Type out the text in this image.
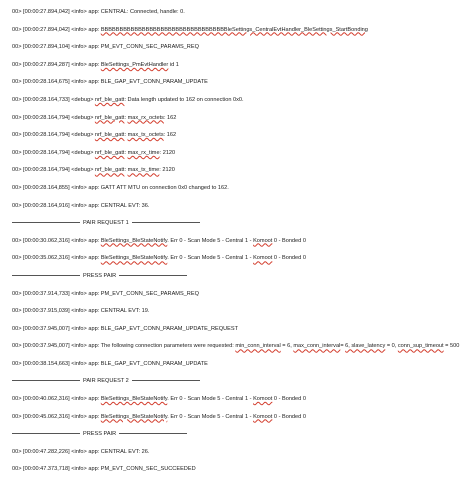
00> [00:00:27.894,042] <info> app: CENTRAL: Connected, handle: 0.
00> [00:00:27.894,042] <info> app: BBBBBBBBBBBBBBBBBBBBBBBBBBBBBBBBBBleSettings_CentralEvtHandler_BleSettings_StartBonding
00> [00:00:27.894,104] <info> app: PM_EVT_CONN_SEC_PARAMS_REQ
00> [00:00:27.894,287] <info> app: BleSettings_PmEvtHandler id 1
00> [00:00:28.164,675] <info> app: BLE_GAP_EVT_CONN_PARAM_UPDATE
00> [00:00:28.164,733] <debug> nrf_ble_gatt: Data length updated to 162 on connection 0x0.
00> [00:00:28.164,794] <debug> nrf_ble_gatt: max_rx_octets: 162
00> [00:00:28.164,794] <debug> nrf_ble_gatt: max_tx_octets: 162
00> [00:00:28.164,794] <debug> nrf_ble_gatt: max_rx_time: 2120
00> [00:00:28.164,794] <debug> nrf_ble_gatt: max_tx_time: 2120
00> [00:00:28.164,855] <info> app: GATT ATT MTU on connection 0x0 changed to 162.
00> [00:00:28.164,916] <info> app: CENTRAL EVT: 36.
PAIR REQUEST 1
00> [00:00:30.062,316] <info> app: BleSettings_BleStateNotify. Err 0 - Scan Mode 5 - Central 1 - Komoot 0 - Bonded 0
00> [00:00:35.062,316] <info> app: BleSettings_BleStateNotify. Err 0 - Scan Mode 5 - Central 1 - Komoot 0 - Bonded 0
PRESS PAIR
00> [00:00:37.914,733] <info> app: PM_EVT_CONN_SEC_PARAMS_REQ
00> [00:00:37.915,039] <info> app: CENTRAL EVT: 19.
00> [00:00:37.945,007] <info> app: BLE_GAP_EVT_CONN_PARAM_UPDATE_REQUEST
00> [00:00:37.945,007] <info> app: The following connection parameters were requested: min_conn_interval = 6, max_conn_interval= 6, slave_latency = 0, conn_sup_timeout = 500
00> [00:00:38.154,663] <info> app: BLE_GAP_EVT_CONN_PARAM_UPDATE
PAIR REQUEST 2
00> [00:00:40.062,316] <info> app: BleSettings_BleStateNotify. Err 0 - Scan Mode 5 - Central 1 - Komoot 0 - Bonded 0
00> [00:00:45.062,316] <info> app: BleSettings_BleStateNotify. Err 0 - Scan Mode 5 - Central 1 - Komoot 0 - Bonded 0
PRESS PAIR
00> [00:00:47.282,226] <info> app: CENTRAL EVT: 26.
00> [00:00:47.373,718] <info> app: PM_EVT_CONN_SEC_SUCCEEDED
